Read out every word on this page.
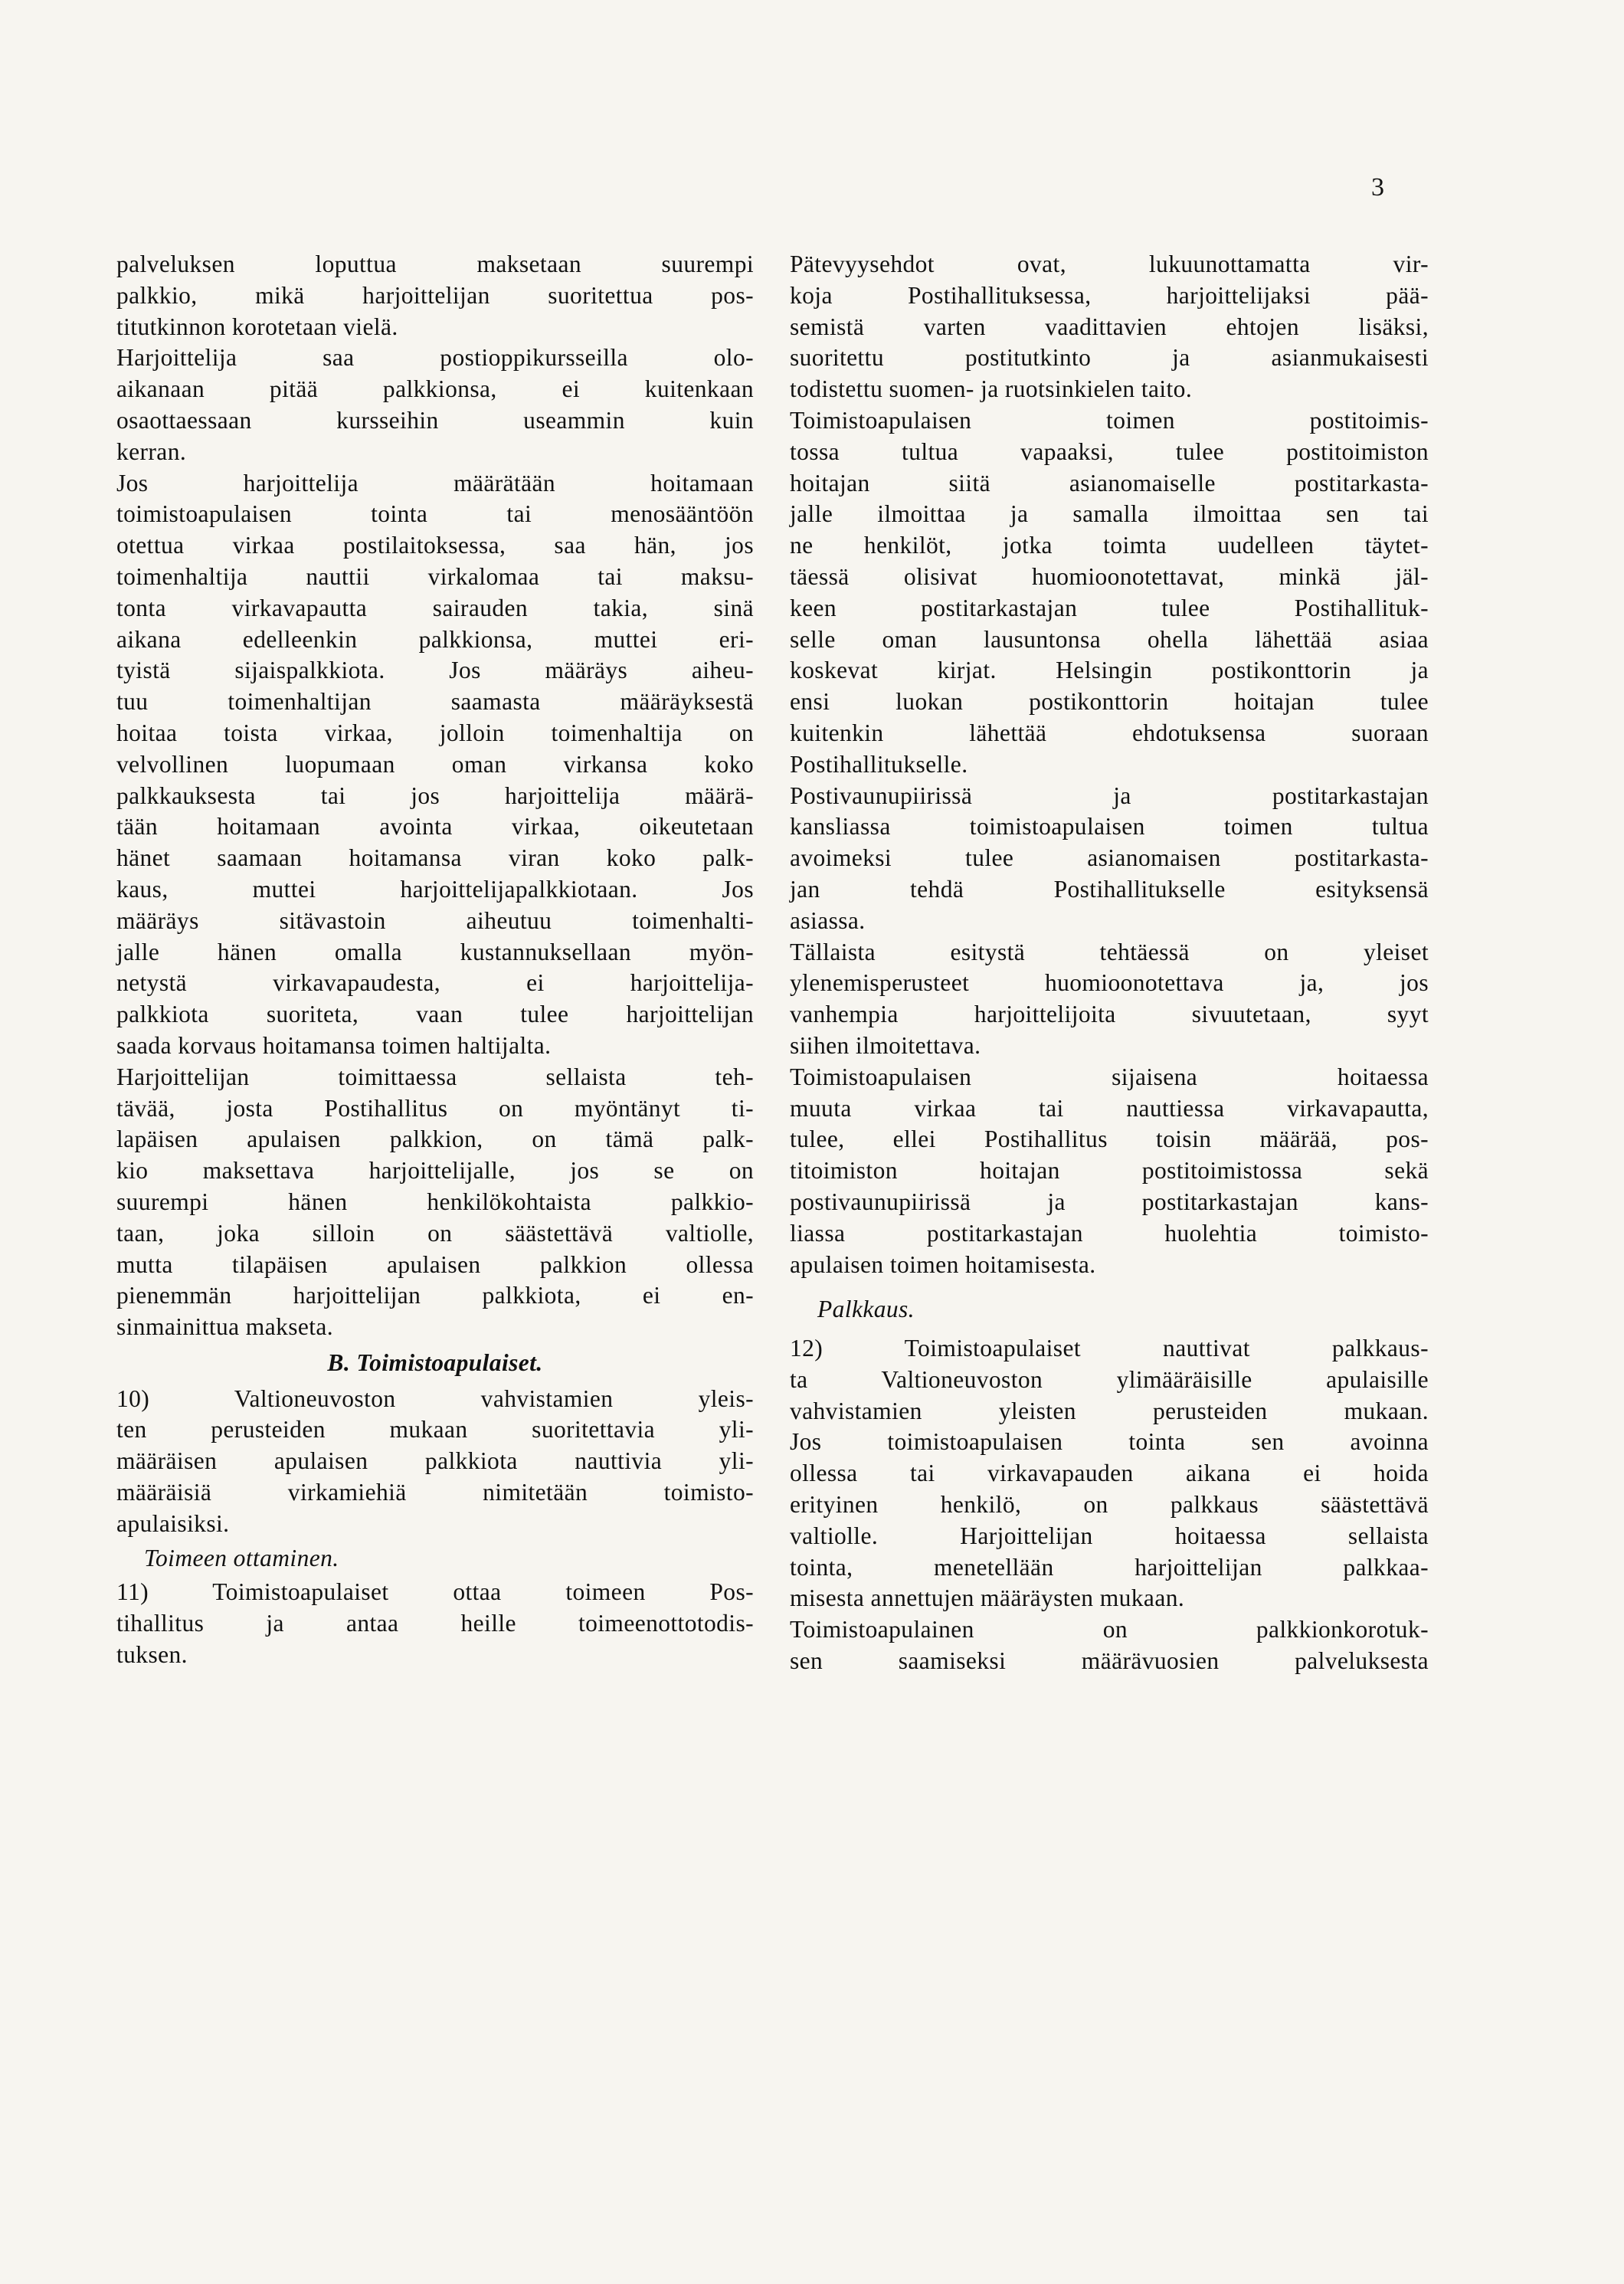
3
palveluksen loputtua maksetaan suurempi
palkkio, mikä harjoittelijan suoritettua pos-
titutkinnon korotetaan vielä.
Harjoittelija saa postioppikursseilla olo-
aikanaan pitää palkkionsa, ei kuitenkaan
osaottaessaan kursseihin useammin kuin
kerran.
Jos harjoittelija määrätään hoitamaan
toimistoapulaisen tointa tai menosääntöön
otettua virkaa postilaitoksessa, saa hän, jos
toimenhaltija nauttii virkalomaa tai maksu-
tonta virkavapautta sairauden takia, sinä
aikana edelleenkin palkkionsa, muttei eri-
tyistä sijaispalkkiota. Jos määräys aiheu-
tuu toimenhaltijan saamasta määräyksestä
hoitaa toista virkaa, jolloin toimenhaltija on
velvollinen luopumaan oman virkansa koko
palkkauksesta tai jos harjoittelija määrä-
tään hoitamaan avointa virkaa, oikeutetaan
hänet saamaan hoitamansa viran koko palk-
kaus, muttei harjoittelijapalkkiotaan. Jos
määräys sitävastoin aiheutuu toimenhalti-
jalle hänen omalla kustannuksellaan myön-
netystä virkavapaudesta, ei harjoittelija-
palkkiota suoriteta, vaan tulee harjoittelijan
saada korvaus hoitamansa toimen haltijalta.
Harjoittelijan toimittaessa sellaista teh-
tävää, josta Postihallitus on myöntänyt ti-
lapäisen apulaisen palkkion, on tämä palk-
kio maksettava harjoittelijalle, jos se on
suurempi hänen henkilökohtaista palkkio-
taan, joka silloin on säästettävä valtiolle,
mutta tilapäisen apulaisen palkkion ollessa
pienemmän harjoittelijan palkkiota, ei en-
sinmainittua makseta.
B. Toimistoapulaiset.
10) Valtioneuvoston vahvistamien yleis-
ten perusteiden mukaan suoritettavia yli-
määräisen apulaisen palkkiota nauttivia yli-
määräisiä virkamiehiä nimitetään toimisto-
apulaisiksi.
Toimeen ottaminen.
11) Toimistoapulaiset ottaa toimeen Pos-
tihallitus ja antaa heille toimeenottotodis-
tuksen.
Pätevyysehdot ovat, lukuunottamatta vir-
koja Postihallituksessa, harjoittelijaksi pää-
semistä varten vaadittavien ehtojen lisäksi,
suoritettu postitutkinto ja asianmukaisesti
todistettu suomen- ja ruotsinkielen taito.
Toimistoapulaisen toimen postitoimis-
tossa tultua vapaaksi, tulee postitoimiston
hoitajan siitä asianomaiselle postitarkasta-
jalle ilmoittaa ja samalla ilmoittaa sen tai
ne henkilöt, jotka toimta uudelleen täytet-
täessä olisivat huomioonotettavat, minkä jäl-
keen postitarkastajan tulee Postihallituk-
selle oman lausuntonsa ohella lähettää asiaa
koskevat kirjat. Helsingin postikonttorin ja
ensi luokan postikonttorin hoitajan tulee
kuitenkin lähettää ehdotuksensa suoraan
Postihallitukselle.
Postivaunupiirissä ja postitarkastajan
kansliassa toimistoapulaisen toimen tultua
avoimeksi tulee asianomaisen postitarkasta-
jan tehdä Postihallitukselle esityksensä
asiassa.
Tällaista esitystä tehtäessä on yleiset
ylenemisperusteet huomioonotettava ja, jos
vanhempia harjoittelijoita sivuutetaan, syyt
siihen ilmoitettava.
Toimistoapulaisen sijaisena hoitaessa
muuta virkaa tai nauttiessa virkavapautta,
tulee, ellei Postihallitus toisin määrää, pos-
titoimiston hoitajan postitoimistossa sekä
postivaunupiirissä ja postitarkastajan kans-
liassa postitarkastajan huolehtia toimisto-
apulaisen toimen hoitamisesta.
Palkkaus.
12) Toimistoapulaiset nauttivat palkkaus-
ta Valtioneuvoston ylimääräisille apulaisille
vahvistamien yleisten perusteiden mukaan.
Jos toimistoapulaisen tointa sen avoinna
ollessa tai virkavapauden aikana ei hoida
erityinen henkilö, on palkkaus säästettävä
valtiolle. Harjoittelijan hoitaessa sellaista
tointa, menetellään harjoittelijan palkkaa-
misesta annettujen määräysten mukaan.
Toimistoapulainen on palkkionkorotuk-
sen saamiseksi määrävuosien palveluksesta
